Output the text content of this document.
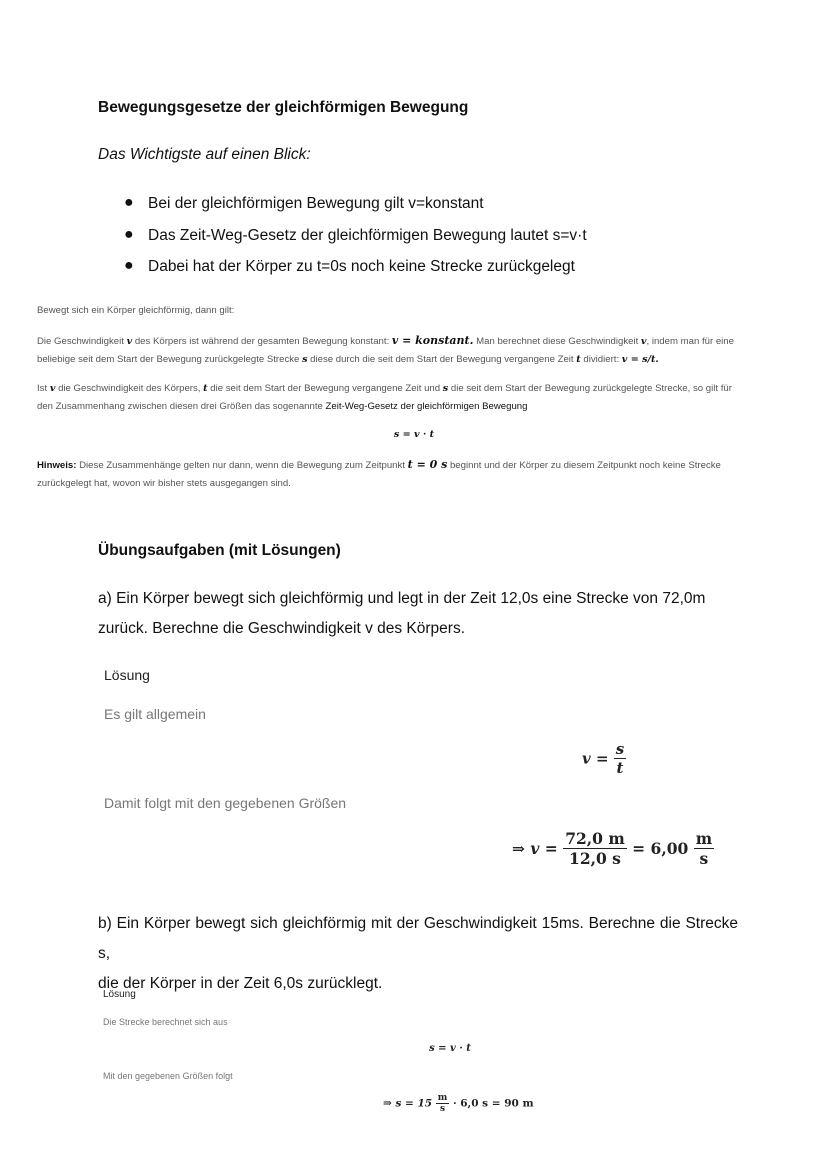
Bewegungsgesetze der gleichförmigen Bewegung
Das Wichtigste auf einen Blick:
● Bei der gleichförmigen Bewegung gilt v=konstant
● Das Zeit-Weg-Gesetz der gleichförmigen Bewegung lautet s=v·t
● Dabei hat der Körper zu t=0s noch keine Strecke zurückgelegt
Bewegt sich ein Körper gleichförmig, dann gilt:
Die Geschwindigkeit v des Körpers ist während der gesamten Bewegung konstant: v = konstant. Man berechnet diese Geschwindigkeit v, indem man für eine
beliebige seit dem Start der Bewegung zurückgelegte Strecke s diese durch die seit dem Start der Bewegung vergangene Zeit t dividiert: v = s/t.
Ist v die Geschwindigkeit des Körpers, t die seit dem Start der Bewegung vergangene Zeit und s die seit dem Start der Bewegung zurückgelegte Strecke, so gilt für
den Zusammenhang zwischen diesen drei Größen das sogenannte Zeit-Weg-Gesetz der gleichförmigen Bewegung
s = v · t
Hinweis: Diese Zusammenhänge gelten nur dann, wenn die Bewegung zum Zeitpunkt t = 0 s beginnt und der Körper zu diesem Zeitpunkt noch keine Strecke
zurückgelegt hat, wovon wir bisher stets ausgegangen sind.
Übungsaufgaben (mit Lösungen)
a) Ein Körper bewegt sich gleichförmig und legt in der Zeit 12,0s eine Strecke von 72,0m
zurück. Berechne die Geschwindigkeit v des Körpers.
Lösung
Es gilt allgemein
$v = \frac{s}{t}$
Damit folgt mit den gegebenen Größen
⇒ $v = \frac{72,0 m}{12,0 s} = 6,00 \frac{m}{s}$
b) Ein Körper bewegt sich gleichförmig mit der Geschwindigkeit 15ms. Berechne die Strecke s,
die der Körper in der Zeit 6,0s zurücklegt.
Lösung
Die Strecke berechnet sich aus
s = v · t
Mit den gegebenen Größen folgt
⇒ $s = 15 \frac{m}{s} \cdot 6,0$ s = 90 m
